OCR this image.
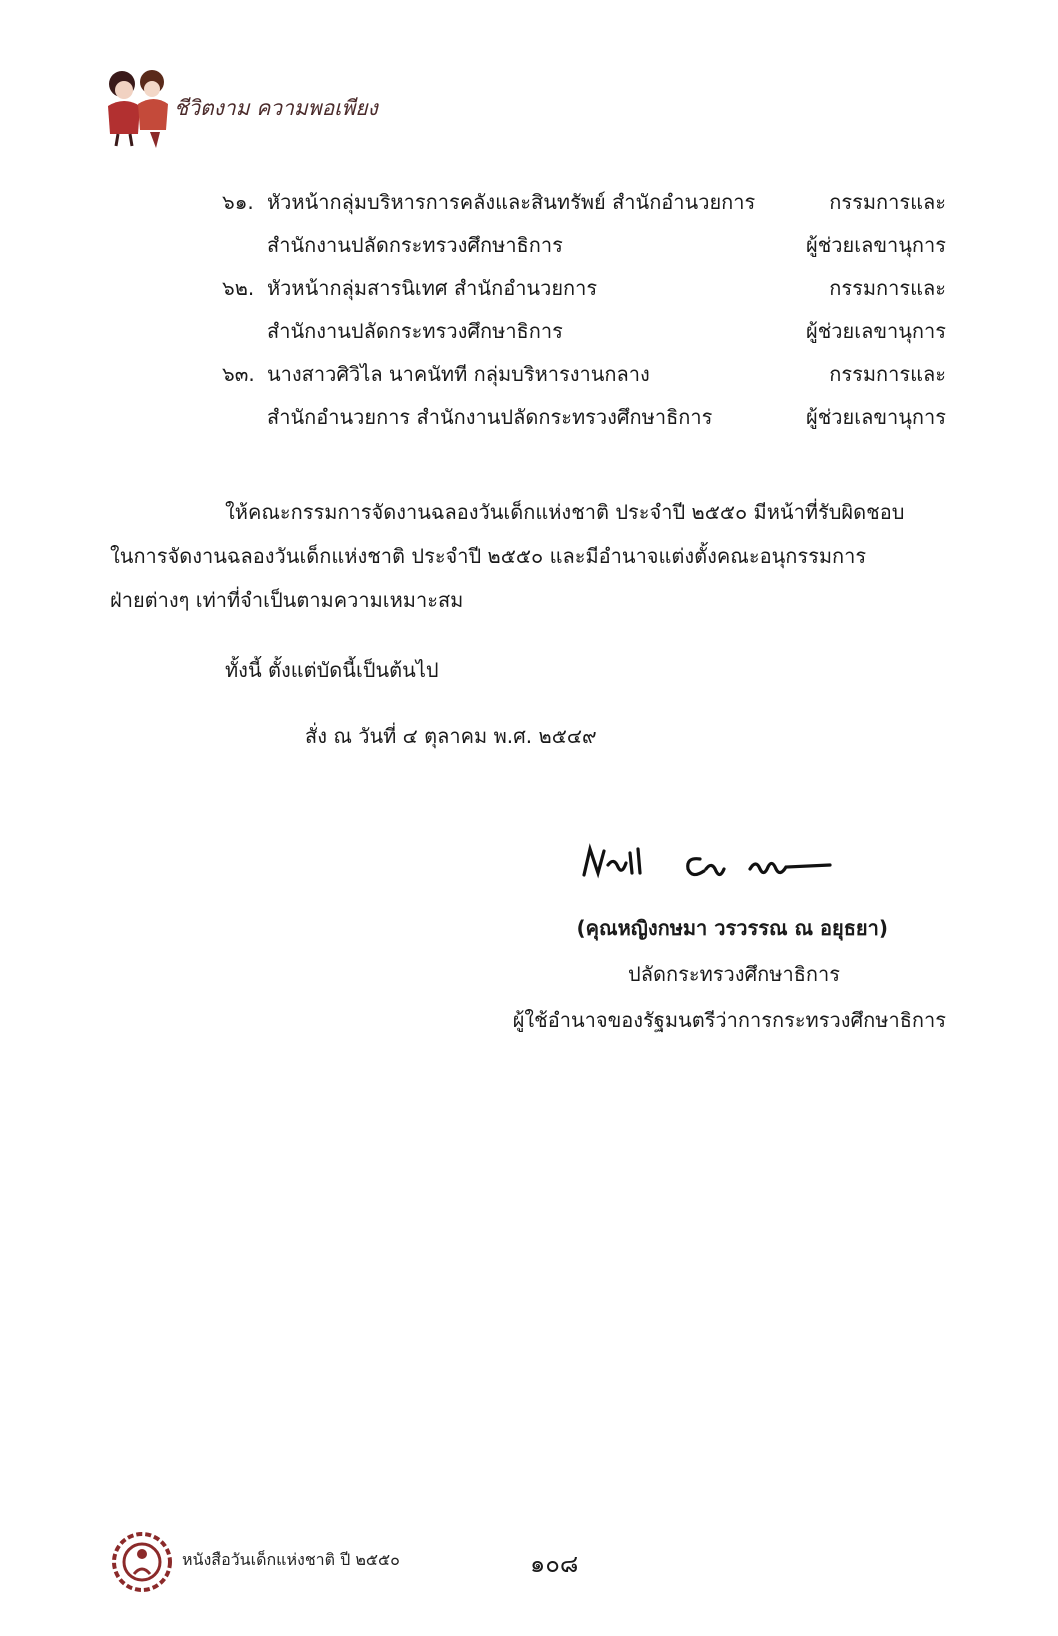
ชีวิตงาม ความพอเพียง
๖๑. หัวหน้ากลุ่มบริหารการคลังและสินทรัพย์ สำนักอำนวยการ	กรรมการและ
สำนักงานปลัดกระทรวงศึกษาธิการ	ผู้ช่วยเลขานุการ
๖๒. หัวหน้ากลุ่มสารนิเทศ สำนักอำนวยการ	กรรมการและ
สำนักงานปลัดกระทรวงศึกษาธิการ	ผู้ช่วยเลขานุการ
๖๓. นางสาวศิวิไล นาคนัทที กลุ่มบริหารงานกลาง	กรรมการและ
สำนักอำนวยการ สำนักงานปลัดกระทรวงศึกษาธิการ	ผู้ช่วยเลขานุการ
ให้คณะกรรมการจัดงานฉลองวันเด็กแห่งชาติ ประจำปี ๒๕๕๐ มีหน้าที่รับผิดชอบ
ในการจัดงานฉลองวันเด็กแห่งชาติ ประจำปี ๒๕๕๐ และมีอำนาจแต่งตั้งคณะอนุกรรมการ
ฝ่ายต่างๆ เท่าที่จำเป็นตามความเหมาะสม
ทั้งนี้ ตั้งแต่บัดนี้เป็นต้นไป
สั่ง ณ วันที่ ๔ ตุลาคม พ.ศ. ๒๕๔๙
(คุณหญิงกษมา วรวรรณ ณ อยุธยา)
ปลัดกระทรวงศึกษาธิการ
ผู้ใช้อำนาจของรัฐมนตรีว่าการกระทรวงศึกษาธิการ
หนังสือวันเด็กแห่งชาติ ปี ๒๕๕๐	๑๐๘
